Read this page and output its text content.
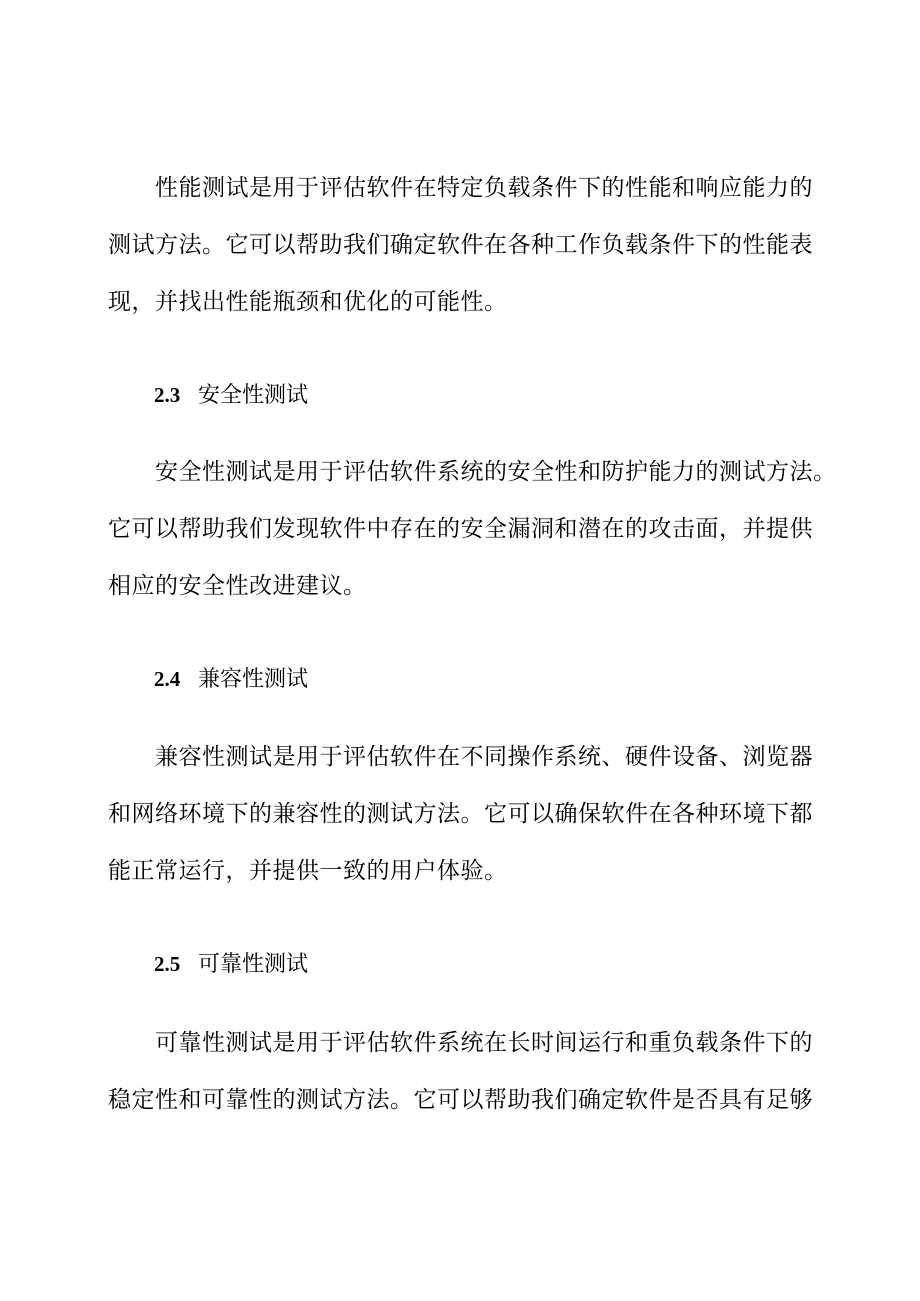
性能测试是用于评估软件在特定负载条件下的性能和响应能力的
测试方法。它可以帮助我们确定软件在各种工作负载条件下的性能表
现，并找出性能瓶颈和优化的可能性。

2.3 安全性测试

安全性测试是用于评估软件系统的安全性和防护能力的测试方法。
它可以帮助我们发现软件中存在的安全漏洞和潜在的攻击面，并提供
相应的安全性改进建议。

2.4 兼容性测试

兼容性测试是用于评估软件在不同操作系统、硬件设备、浏览器
和网络环境下的兼容性的测试方法。它可以确保软件在各种环境下都
能正常运行，并提供一致的用户体验。

2.5 可靠性测试

可靠性测试是用于评估软件系统在长时间运行和重负载条件下的
稳定性和可靠性的测试方法。它可以帮助我们确定软件是否具有足够
